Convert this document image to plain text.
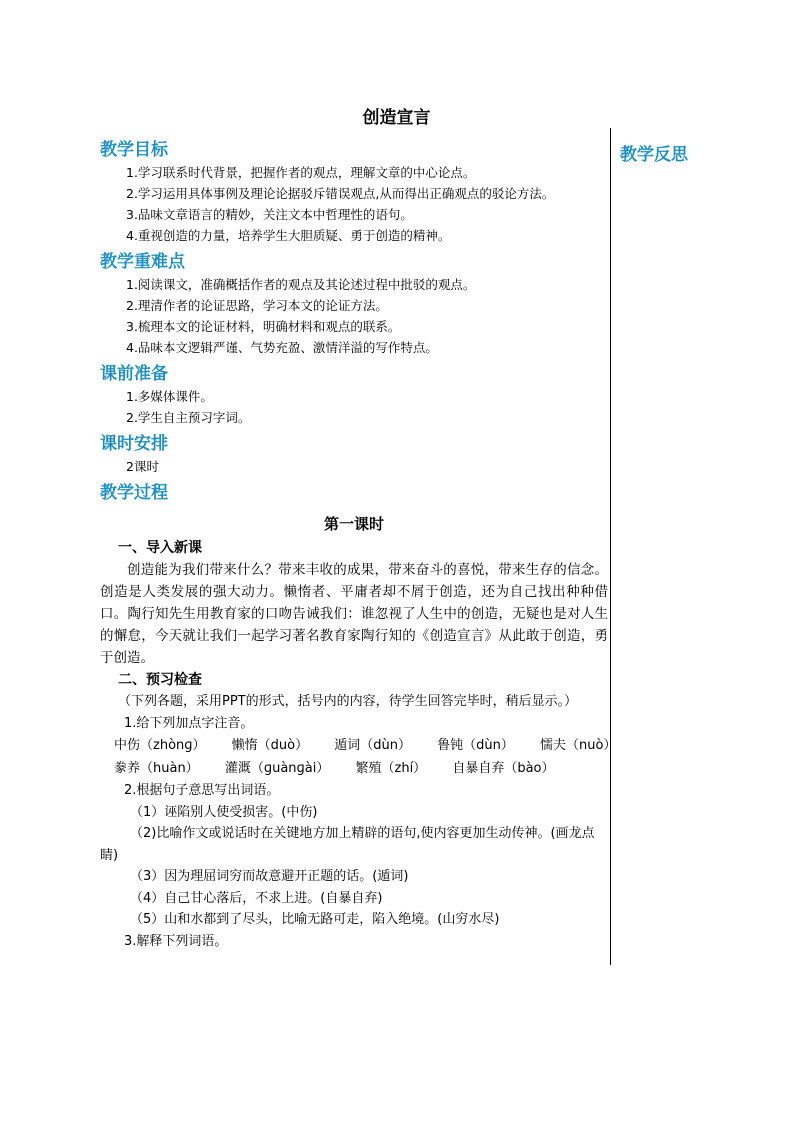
创造宣言
教学反思
教学目标
1.学习联系时代背景，把握作者的观点，理解文章的中心论点。
2.学习运用具体事例及理论论据驳斥错误观点,从而得出正确观点的驳论方法。
3.品味文章语言的精妙，关注文本中哲理性的语句。
4.重视创造的力量，培养学生大胆质疑、勇于创造的精神。
教学重难点
1.阅读课文，准确概括作者的观点及其论述过程中批驳的观点。
2.理清作者的论证思路，学习本文的论证方法。
3.梳理本文的论证材料，明确材料和观点的联系。
4.品味本文逻辑严谨、气势充盈、激情洋溢的写作特点。
课前准备
1.多媒体课件。
2.学生自主预习字词。
课时安排
2课时
教学过程
第一课时
一、导入新课

创造能为我们带来什么？带来丰收的成果，带来奋斗的喜悦，带来生存的信念。创造是人类发展的强大动力。懒惰者、平庸者却不屑于创造，还为自己找出种种借口。陶行知先生用教育家的口吻告诫我们：谁忽视了人生中的创造，无疑也是对人生的懈怠，今天就让我们一起学习著名教育家陶行知的《创造宣言》从此敢于创造，勇于创造。

二、预习检查
（下列各题，采用PPT的形式，括号内的内容，待学生回答完毕时，稍后显示。）
1.给下列加点字注音。
中伤（zhònɡ） 懒惰（duò） 遁词（dùn） 鲁钝（dùn） 懦夫（nuò）
豢养（huàn） 灌溉（ɡuànɡài） 繁殖（zhí） 自暴自弃（bào）
2.根据句子意思写出词语。
（1）诬陷别人使受损害。(中伤)
（2)比喻作文或说话时在关键地方加上精辟的语句,使内容更加生动传神。(画龙点睛)
（3）因为理屈词穷而故意避开正题的话。(遁词)
（4）自己甘心落后，不求上进。(自暴自弃)
（5）山和水都到了尽头，比喻无路可走，陷入绝境。(山穷水尽)
3.解释下列词语。
